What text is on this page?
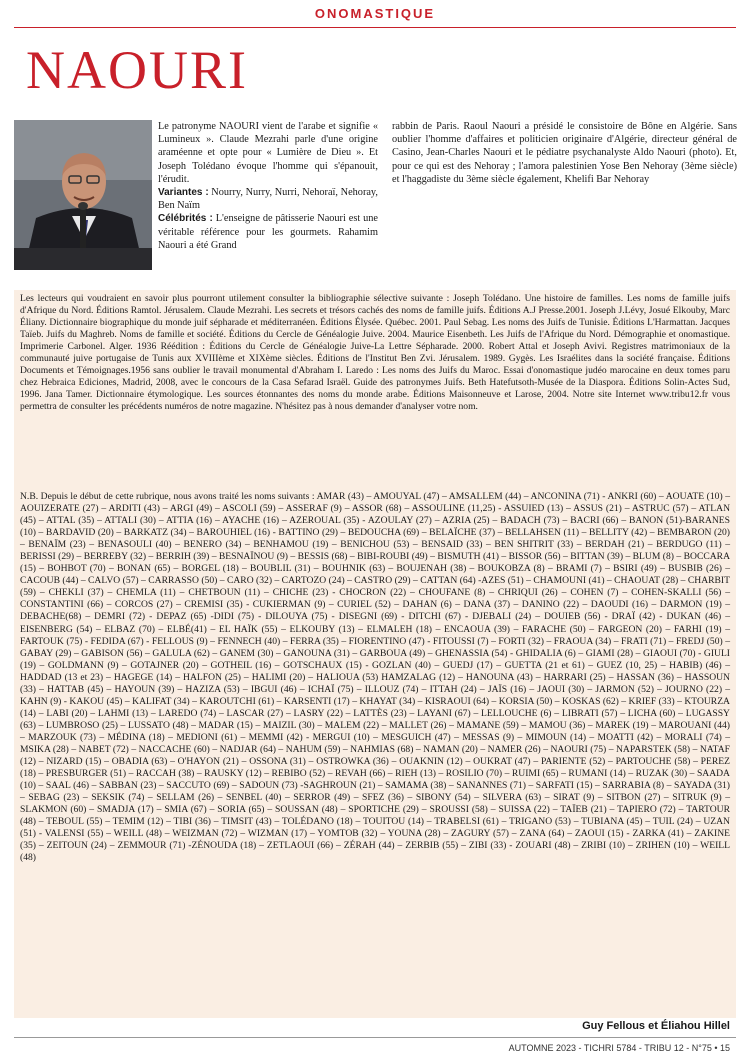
ONOMASTIQUE
NAOURI

Le patronyme NAOURI vient de l'arabe et signifie « Lumineux ». Claude Mezrahi parle d'une origine araméenne et opte pour « Lumière de Dieu ». Et Joseph Tolédano évoque l'homme qui s'épanouit, l'érudit.

Variantes : Nourry, Nurry, Nurri, Nehoraï, Nehoray, Ben Naïm

Célébrités : L'enseigne de pâtisserie Naouri est une véritable référence pour les gourmets. Rahamim Naouri a été Grand

rabbin de Paris. Raoul Naouri a présidé le consistoire de Bône en Algérie. Sans oublier l'homme d'affaires et politicien originaire d'Algérie, directeur général de Casino, Jean-Charles Naouri et le pédiatre psychanalyste Aldo Naouri (photo). Et, pour ce qui est des Nehoray ; l'amora palestinien Yose Ben Nehoray (3ème siècle) et l'haggadiste du 3ème siècle également, Khelifi Bar Nehoray

Les lecteurs qui voudraient en savoir plus pourront utilement consulter la bibliographie sélective suivante : Joseph Tolédano. Une histoire de familles. Les noms de famille juifs d'Afrique du Nord. Éditions Ramtol. Jérusalem. Claude Mezrahi. Les secrets et trésors cachés des noms de famille juifs. Éditions A.J Presse.2001. Joseph J.Lévy, Josué Elkouby, Marc Éliany. Dictionnaire biographique du monde juif sépharade et méditerranéen. Éditions Élysée. Québec. 2001. Paul Sebag. Les noms des Juifs de Tunisie. Éditions L'Harmattan. Jacques Taïeb. Juifs du Maghreb. Noms de famille et société. Éditions du Cercle de Généalogie Juive. 2004. Maurice Eisenbeth. Les Juifs de l'Afrique du Nord. Démographie et onomastique. Imprimerie Carbonel. Alger. 1936 Réédition : Éditions du Cercle de Généalogie Juive-La Lettre Sépharade. 2000. Robert Attal et Joseph Avivi. Registres matrimoniaux de la communauté juive portugaise de Tunis aux XVIIIème et XIXème siècles. Éditions de l'Institut Ben Zvi. Jérusalem. 1989. Gygès. Les Israélites dans la société française. Éditions Documents et Témoignages.1956 sans oublier le travail monumental d'Abraham I. Laredo : Les noms des Juifs du Maroc. Essai d'onomastique judéo marocaine en deux tomes paru chez Hebraica Ediciones, Madrid, 2008, avec le concours de la Casa Sefarad Israël. Guide des patronymes Juifs. Beth Hatefutsoth-Musée de la Diaspora. Éditions Solin-Actes Sud, 1996. Jana Tamer. Dictionnaire étymologique. Les sources étonnantes des noms du monde arabe. Éditions Maisonneuve et Larose, 2004. Notre site Internet www.tribu12.fr vous permettra de consulter les précédents numéros de notre magazine. N'hésitez pas à nous demander d'analyser votre nom.

N.B. Depuis le début de cette rubrique, nous avons traité les noms suivants : AMAR (43) – AMOUYAL (47) – AMSALLEM (44) – ANCONINA (71) - ANKRI (60) – AOUATE (10) – AOUIZERATE (27) – ARDITI (43) – ARGI (49) – ASCOLI (59) – ASSERAF (9) – ASSOR (68) – ASSOULINE (11,25) - ASSUIED (13) – ASSUS (21) – ASTRUC (57) – ATLAN (45) – ATTAL (35) – ATTALI (30) – ATTIA (16) – AYACHE (16) – AZEROUAL (35) - AZOULAY (27) – AZRIA (25) – BADACH (73) – BACRI (66) – BANON (51)-BARANES (10) – BARDAVID (20) – BARKATZ (34) – BAROUHIEL (16) - BATTINO (29) – BEDOUCHA (69) – BELAÏCHE (37) – BELLAHSEN (11) – BELLITY (42) – BEMBARON (20) – BENAÏM (23) – BENASOULI (40) – BENERO (34) – BENHAMOU (19) – BENICHOU (53) – BENSAID (33) – BEN SHITRIT (33) – BERDAH (21) – BERDUGO (11) – BERISSI (29) – BERREBY (32) – BERRIH (39) – BESNAÏNOU (9) – BESSIS (68) – BIBI-ROUBI (49) – BISMUTH (41) – BISSOR (56) – BITTAN (39) – BLUM (8) – BOCCARA (15) – BOHBOT (70) – BONAN (65) – BORGEL (18) – BOUBLIL (31) – BOUHNIK (63) – BOUJENAH (38) – BOUKOBZA (8) – BRAMI (7) – BSIRI (49) – BUSBIB (26) – CACOUB (44) – CALVO (57) – CARRASSO (50) – CARO (32) – CARTOZO (24) – CASTRO (29) – CATTAN (64) -AZES (51) – CHAMOUNI (41) – CHAOUAT (28) – CHARBIT (59) – CHEKLI (37) – CHEMLA (11) – CHETBOUN (11) – CHICHE (23) - CHOCRON (22) – CHOUFANE (8) – CHRIQUI (26) – COHEN (7) – COHEN-SKALLI (56) – CONSTANTINI (66) – CORCOS (27) – CREMISI (35) - CUKIERMAN (9) – CURIEL (52) – DAHAN (6) – DANA (37) – DANINO (22) – DAOUDI (16) – DARMON (19) – DEBACHE(68) – DEMRI (72) - DEPAZ (65) -DIDI (75) - DILOUYA (75) - DISEGNI (69) - DITCHI (67) - DJEBALI (24) – DOUIEB (56) - DRAÏ (42) - DUKAN (46) – EISENBERG (54) – ELBAZ (70) – ELBÉ(41) – EL HAÏK (55) – ELKOUBY (13) – ELMALEH (18) – ENCAOUA (39) – FARACHE (50) – FARGEON (20) – FARHI (19) – FARTOUK (75) - FEDIDA (67) - FELLOUS (9) – FENNECH (40) – FERRA (35) – FIORENTINO (47) - FITOUSSI (7) – FORTI (32) – FRAOUA (34) – FRATI (71) – FREDJ (50) – GABAY (29) – GABISON (56) – GALULA (62) – GANEM (30) – GANOUNA (31) – GARBOUA (49) – GHENASSIA (54) - GHIDALIA (6) – GIAMI (28) – GIAOUI (70) - GIULI (19) – GOLDMANN (9) – GOTAJNER (20) – GOTHEIL (16) – GOTSCHAUX (15) - GOZLAN (40) – GUEDJ (17) – GUETTA (21 et 61) – GUEZ (10, 25) – HABIB) (46) – HADDAD (13 et 23) – HAGEGE (14) – HALFON (25) – HALIMI (20) – HALIOUA (53) HAMZALAG (12) – HANOUNA (43) – HARRARI (25) – HASSAN (36) – HASSOUN (33) – HATTAB (45) – HAYOUN (39) – HAZIZA (53) – IBGUI (46) – ICHAÏ (75) – ILLOUZ (74) – ITTAH (24) – JAÏS (16) – JAOUI (30) – JARMON (52) – JOURNO (22) – KAHN (9) - KAKOU (45) – KALIFAT (34) – KAROUTCHI (61) – KARSENTI (17) – KHAYAT (34) – KISRAOUI (64) – KORSIA (50) – KOSKAS (62) – KRIEF (33) – KTOURZA (14) – LABI (20) – LAHMI (13) – LAREDO (74) – LASCAR (27) – LASRY (22) – LATTÈS (23) – LAYANI (67) – LELLOUCHE (6) – LIBRATI (57) – LICHA (60) – LUGASSY (63) – LUMBROSO (25) – LUSSATO (48) – MADAR (15) – MAIZIL (30) – MALEM (22) – MALLET (26) – MAMANE (59) – MAMOU (36) – MAREK (19) – MAROUANI (44) – MARZOUK (73) – MÉDINA (18) – MEDIONI (61) – MEMMI (42) - MERGUI (10) – MESGUICH (47) – MESSAS (9) – MIMOUN (14) – MOATTI (42) – MORALI (74) – MSIKA (28) – NABET (72) – NACCACHE (60) – NADJAR (64) – NAHUM (59) – NAHMIAS (68) – NAMAN (20) – NAMER (26) – NAOURI (75) – NAPARSTEK (58) – NATAF (12) – NIZARD (15) – OBADIA (63) – O'HAYON (21) – OSSONA (31) – OSTROWKA (36) – OUAKNIN (12) – OUKRAT (47) – PARIENTE (52) – PARTOUCHE (58) – PEREZ (18) – PRESBURGER (51) – RACCAH (38) – RAUSKY (12) – REBIBO (52) – REVAH (66) – RIEH (13) – ROSILIO (70) – RUIMI (65) – RUMANI (14) – RUZAK (30) – SAADA (10) – SAAL (46) – SABBAN (23) – SACCUTO (69) – SADOUN (73) -SAGHROUN (21) – SAMAMA (38) – SANANNES (71) – SARFATI (15) – SARRABIA (8) – SAYADA (31) – SEBAG (23) – SEKSIK (74) – SELLAM (26) – SENBEL (40) – SERROR (49) – SFEZ (36) – SIBONY (54) – SILVERA (63) – SIRAT (9) – SITBON (27) – SITRUK (9) – SLAKMON (60) – SMADJA (17) – SMIA (67) – SORIA (65) – SOUSSAN (48) – SPORTICHE (29) – SROUSSI (58) – SUISSA (22) – TAÏEB (21) – TAPIERO (72) – TARTOUR (48) – TEBOUL (55) – TEMIM (12) – TIBI (36) – TIMSIT (43) – TOLÉDANO (18) – TOUITOU (14) – TRABELSI (61) – TRIGANO (53) – TUBIANA (45) – TUIL (24) – UZAN (51) - VALENSI (55) – WEILL (48) – WEIZMAN (72) – WIZMAN (17) – YOMTOB (32) – YOUNA (28) – ZAGURY (57) – ZANA (64) – ZAOUI (15) - ZARKA (41) – ZAKINE (35) – ZEITOUN (24) – ZEMMOUR (71) -ZÉNOUDA (18) – ZETLAOUI (66) – ZÉRAH (44) – ZERBIB (55) – ZIBI (33) - ZOUARI (48) – ZRIBI (10) – ZRIHEN (10) – WEILL (48)

Guy Fellous et Éliahou Hillel
AUTOMNE 2023 - TICHRI 5784 - TRIBU 12 - N°75 • 15
